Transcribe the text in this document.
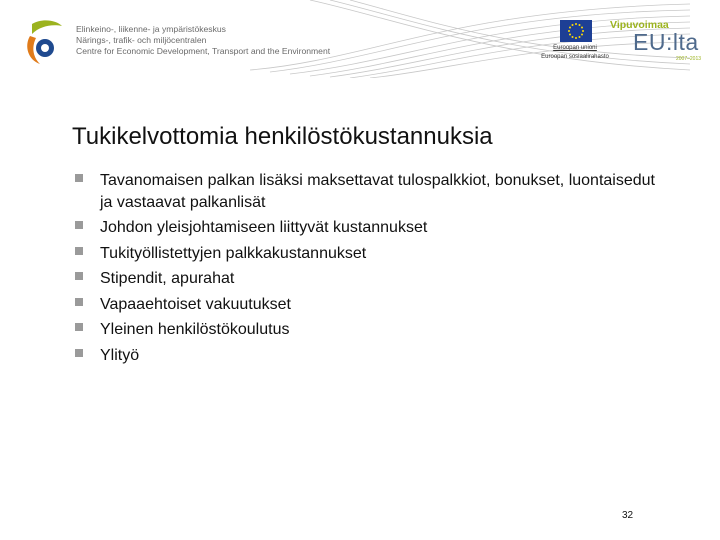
Elinkeino-, liikenne- ja ympäristökeskus
Närings-, trafik- och miljöcentralen
Centre for Economic Development, Transport and the Environment	Euroopan unioni
Euroopan sosiaalirahasto
Vipuvoimaa
EU:lta
2007–2013
Tukikelvottomia henkilöstökustannuksia
Tavanomaisen palkan lisäksi maksettavat tulospalkkiot, bonukset, luontaisedut ja vastaavat palkanlisät
Johdon yleisjohtamiseen liittyvät kustannukset
Tukityöllistettyjen palkkakustannukset
Stipendit, apurahat
Vapaaehtoiset vakuutukset
Yleinen henkilöstökoulutus
Ylityö
32
